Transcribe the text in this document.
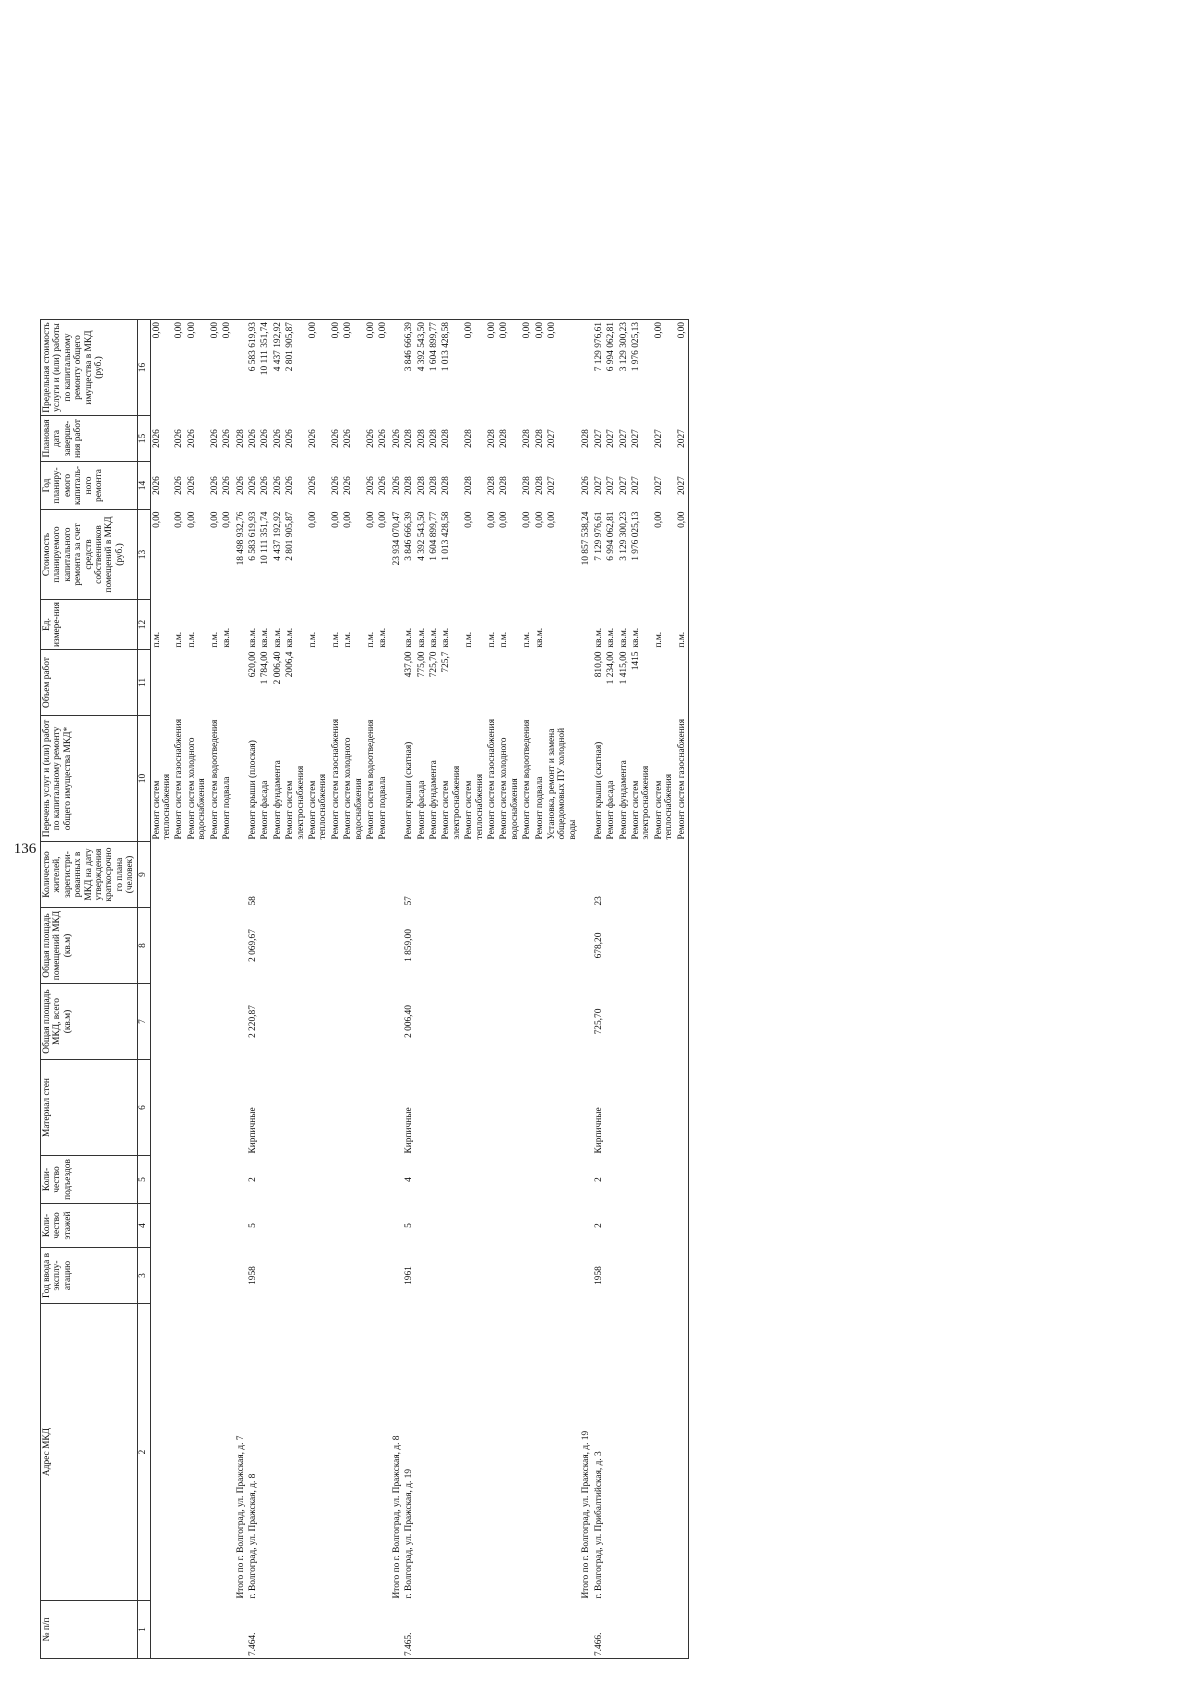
136
№ п/п	Адрес МКД	Год ввода в эксплу-атацию	Коли-чество этажей	Коли-чество подъездов	Материал стен	Общая площадь МКД, всего (кв.м)	Общая площадь помещений МКД (кв.м)	Количество жителей, зарегистри-рованных в МКД на дату утверждения краткосрочно го плана (человек)	Перечень услуг и (или) работ по капитальному ремонту общего имущества МКД*	Объем работ	Ед. измере-ния	Стоимость планируемого капитального ремонта за счет средств собственников помещений в МКД (руб.)	Год планиру-емого капиталь-ного ремонта	Плановая дата заверше-ния работ	Предельная стоимость услуги и (или) работы по капитальному ремонту общего имущества в МКД (руб.)
1	2	3	4	5	6	7	8	9	10	11	12	13	14	15	16
									Ремонт систем теплоснабжения		п.м.	0,00	2026	2026	0,00
									Ремонт систем газоснабжения		п.м.	0,00	2026	2026	0,00
									Ремонт систем холодного водоснабжения		п.м.	0,00	2026	2026	0,00
									Ремонт систем водоотведения		п.м.	0,00	2026	2026	0,00
									Ремонт подвала		кв.м.	0,00	2026	2026	0,00
	Итого по г. Волгоград, ул. Пражская, д. 7											18 498 932,76	2026	2028	
7.464.	г. Волгоград, ул. Пражская, д. 8	1958	5	2	Кирпичные	2 220,87	2 069,67	58	Ремонт крыши (плоская)	620,00	кв.м.	6 583 619,93	2026	2026	6 583 619,93
									Ремонт фасада	1 784,00	кв.м.	10 111 351,74	2026	2026	10 111 351,74
									Ремонт фундамента	2 006,40	кв.м.	4 437 192,92	2026	2026	4 437 192,92
									Ремонт систем электроснабжения	2006,4	кв.м.	2 801 905,87	2026	2026	2 801 905,87
									Ремонт систем теплоснабжения		п.м.	0,00	2026	2026	0,00
									Ремонт систем газоснабжения		п.м.	0,00	2026	2026	0,00
									Ремонт систем холодного водоснабжения		п.м.	0,00	2026	2026	0,00
									Ремонт систем водоотведения		п.м.	0,00	2026	2026	0,00
									Ремонт подвала		кв.м.	0,00	2026	2026	0,00
	Итого по г. Волгоград, ул. Пражская, д. 8											23 934 070,47	2026	2026	
7.465.	г. Волгоград, ул. Пражская, д. 19	1961	5	4	Кирпичные	2 006,40	1 859,00	57	Ремонт крыши (скатная)	437,00	кв.м.	3 846 666,39	2028	2028	3 846 666,39
									Ремонт фасада	775,00	кв.м.	4 392 543,50	2028	2028	4 392 543,50
									Ремонт фундамента	725,70	кв.м.	1 604 899,77	2028	2028	1 604 899,77
									Ремонт систем электроснабжения	725,7	кв.м.	1 013 428,58	2028	2028	1 013 428,58
									Ремонт систем теплоснабжения		п.м.	0,00	2028	2028	0,00
									Ремонт систем газоснабжения		п.м.	0,00	2028	2028	0,00
									Ремонт систем холодного водоснабжения		п.м.	0,00	2028	2028	0,00
									Ремонт систем водоотведения		п.м.	0,00	2028	2028	0,00
									Ремонт подвала		кв.м.	0,00	2028	2028	0,00
									Установка, ремонт и замена общедомовых ПУ холодной воды			0,00	2027	2027	0,00
	Итого по г. Волгоград, ул. Пражская, д. 19											10 857 538,24	2026	2028	
7.466.	г. Волгоград, ул. Прибалтийская, д. 3	1958	2	2	Кирпичные	725,70	678,20	23	Ремонт крыши (скатная)	810,00	кв.м.	7 129 976,61	2027	2027	7 129 976,61
									Ремонт фасада	1 234,00	кв.м.	6 994 062,81	2027	2027	6 994 062,81
									Ремонт фундамента	1 415,00	кв.м.	3 129 300,23	2027	2027	3 129 300,23
									Ремонт систем электроснабжения	1415	кв.м.	1 976 025,13	2027	2027	1 976 025,13
									Ремонт систем теплоснабжения		п.м.	0,00	2027	2027	0,00
									Ремонт систем газоснабжения		п.м.	0,00	2027	2027	0,00
